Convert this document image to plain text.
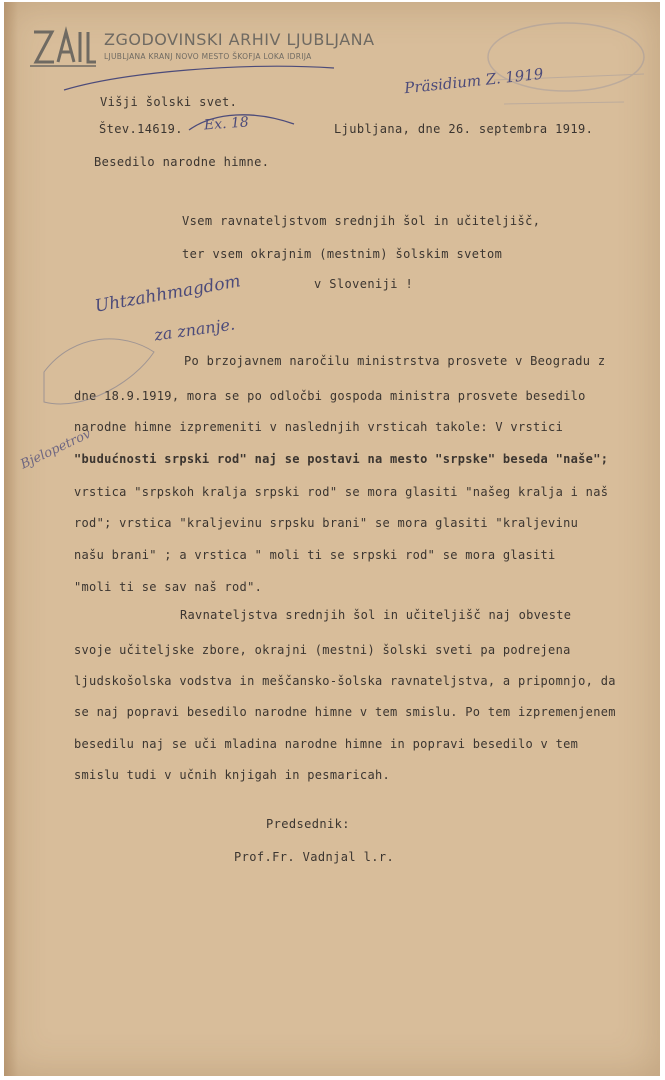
ZGODOVINSKI ARHIV LJUBLJANA
LJUBLJANA KRANJ NOVO MESTO ŠKOFJA LOKA IDRIJA
Präsidium Z. 1919
Ex. 18
Uhtzahhmagdom
za znanje.
Bjelopetrov
Višji šolski svet.
Štev.14619.	Ljubljana, dne 26. septembra 1919.
Besedilo narodne himne.
Vsem ravnateljstvom srednjih šol in učiteljišč,
ter vsem okrajnim (mestnim) šolskim svetom
v Sloveniji !
Po brzojavnem naročilu ministrstva prosvete v Beogradu z
dne 18.9.1919, mora se po odločbi gospoda ministra prosvete besedilo
narodne himne izpremeniti v naslednjih vrsticah takole: V vrstici
"budućnosti srpski rod" naj se postavi na mesto "srpske" beseda "naše";
vrstica "srpskoh kralja srpski rod" se mora glasiti "našeg kralja i naš
rod"; vrstica "kraljevinu srpsku brani" se mora glasiti "kraljevinu
našu brani" ; a vrstica " moli ti se srpski rod" se mora glasiti
"moli ti se sav naš rod".
Ravnateljstva srednjih šol in učiteljišč naj obveste
svoje učiteljske zbore, okrajni (mestni) šolski sveti pa podrejena
ljudskošolska vodstva in meščansko-šolska ravnateljstva, a pripomnjo, da
se naj popravi besedilo narodne himne v tem smislu. Po tem izpremenjenem
besedilu naj se uči mladina narodne himne in popravi besedilo v tem
smislu tudi v učnih knjigah in pesmaricah.
Predsednik:
Prof.Fr. Vadnjal l.r.
